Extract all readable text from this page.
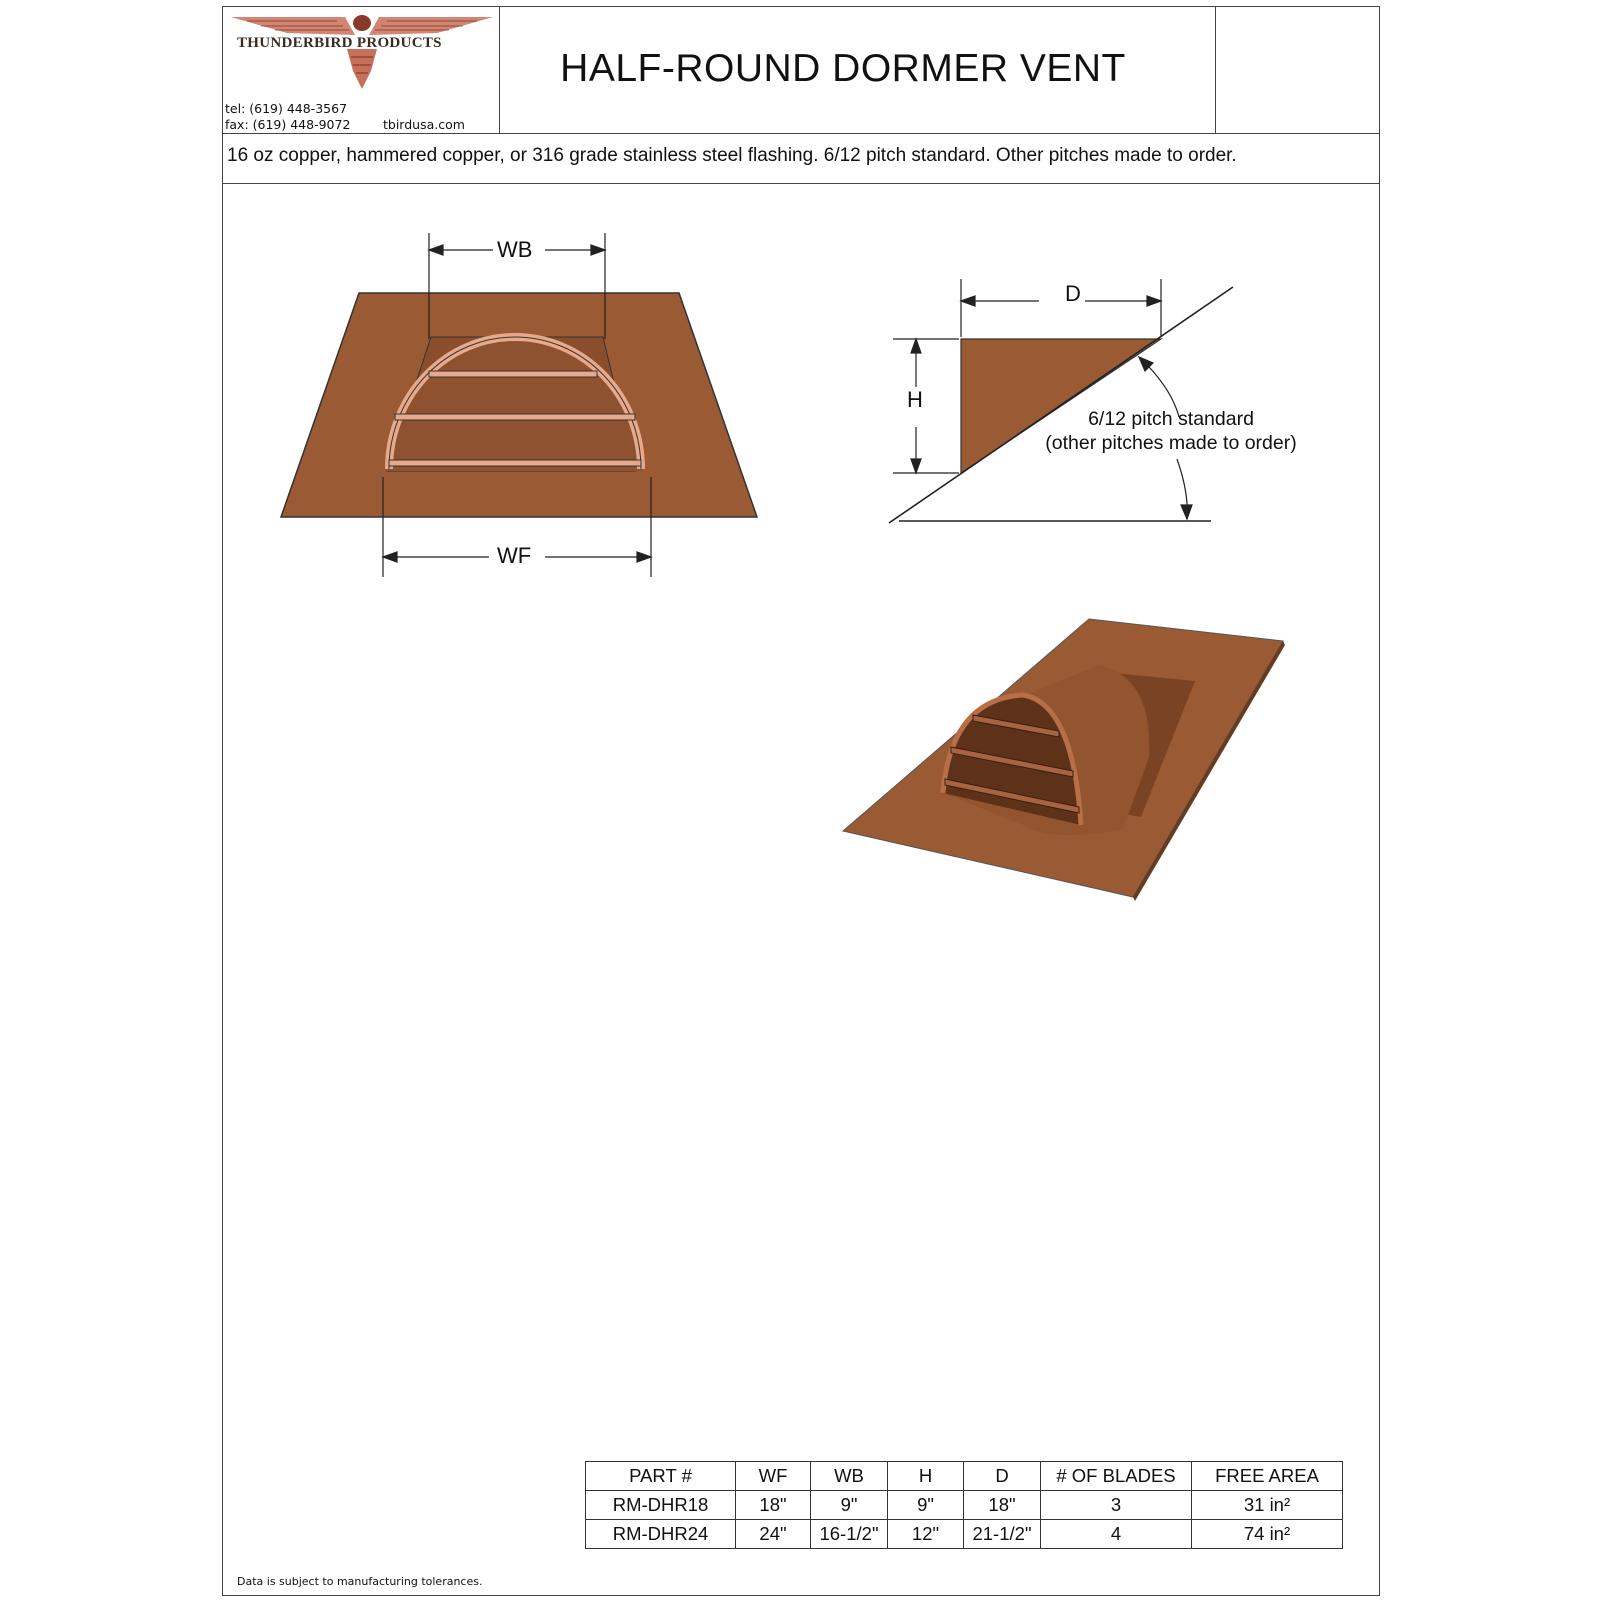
THUNDERBIRD PRODUCTS
tel: (619) 448-3567
fax: (619) 448-9072	tbirdusa.com
HALF-ROUND DORMER VENT
16 oz copper, hammered copper, or 316 grade stainless steel flashing. 6/12 pitch standard. Other pitches made to order.
WB
WF
D
H
6/12 pitch standard
(other pitches made to order)
PART #	WF	WB	H	D	# OF BLADES	FREE AREA
RM-DHR18	18"	9"	9"	18"	3	31 in²
RM-DHR24	24"	16-1/2"	12"	21-1/2"	4	74 in²
Data is subject to manufacturing tolerances.
